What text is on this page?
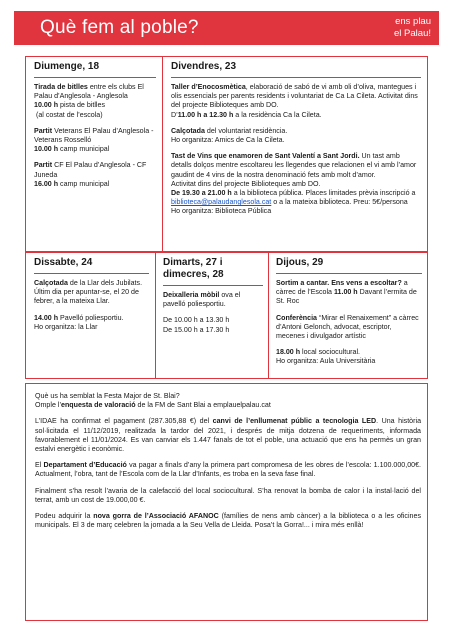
Què fem al poble?	ens plau
el Palau!
Diumenge, 18

Tirada de bitlles entre els clubs El Palau d’Anglesola - Anglesola
10.00 h pista de bitlles
(al costat de l’escola)

Partit Veterans El Palau d’Anglesola - Veterans Rosselló
10.00 h camp municipal

Partit CF El Palau d’Anglesola - CF Juneda
16.00 h camp municipal

Divendres, 23

Taller d’Enocosmètica, elaboració de sabó de vi amb oli d’oliva, mantegues i olis essencials per parents residents i voluntariat de Ca La Cileta. Activitat dins del projecte Biblioteques amb DO.
D’11.00 h a 12.30 h a la residència Ca la Cileta.

Calçotada del voluntariat residència.
Ho organitza: Amics de Ca la Cileta.

Tast de Vins que enamoren de Sant Valentí a Sant Jordi. Un tast amb detalls dolços mentre escoltareu les llegendes que relacionen el vi amb l’amor gaudint de 4 vins de la nostra denominació fets amb molt d’amor.
Activitat dins del projecte Biblioteques amb DO.
De 19.30 a 21.00 h a la biblioteca pública. Places limitades prèvia inscripció a biblioteca@palaudanglesola.cat o a la mateixa biblioteca. Preu: 5€/persona
Ho organitza: Biblioteca Pública

Dissabte, 24

Calçotada de la Llar dels Jubilats. Últim dia per apuntar-se, el 20 de febrer, a la mateixa Llar.

14.00 h Pavelló poliesportiu.
Ho organitza: la Llar

Dimarts, 27 i dimecres, 28

Deixalleria mòbil ova el pavelló poliesportiu.

De 10.00 h a 13.30 h
De 15.00 h a 17.30 h

Dijous, 29

Sortim a cantar. Ens vens a escoltar? a càrrec de l’Escola 11.00 h Davant l’ermita de St. Roc

Conferència “Mirar el Renaixement” a càrrec d’Antoni Gelonch, advocat, escriptor, mecenes i divulgador artístic

18.00 h local sociocultural.
Ho organitza: Aula Universitària

Què us ha semblat la Festa Major de St. Blai?
Omple l’enquesta de valoració de la FM de Sant Blai a emplauelpalau.cat

L’IDAE ha confirmat el pagament (287.305,88 €) del canvi de l’enllumenat públic a tecnologia LED. Una història sol·licitada el 11/12/2019, realitzada la tardor del 2021, i després de mitja dotzena de requeriments, informada favorablement el 11/01/2024. Es van canviar els 1.447 fanals de tot el poble, una actuació que ens ha permès un gran estalvi energètic i econòmic.

El Departament d’Educació va pagar a finals d’any la primera part compromesa de les obres de l’escola: 1.100.000,00€. Actualment, l’obra, tant de l’Escola com de la Llar d’Infants, es troba en la seva fase final.

Finalment s’ha resolt l’avaria de la calefacció del local sociocultural. S’ha renovat la bomba de calor i la instal·lació del terrat, amb un cost de 19.000,00 €.

Podeu adquirir la nova gorra de l’Associació AFANOC (famílies de nens amb càncer) a la biblioteca o a les oficines municipals. El 3 de març celebren la jornada a la Seu Vella de Lleida. Posa’t la Gorra!... i mira més enllà!
